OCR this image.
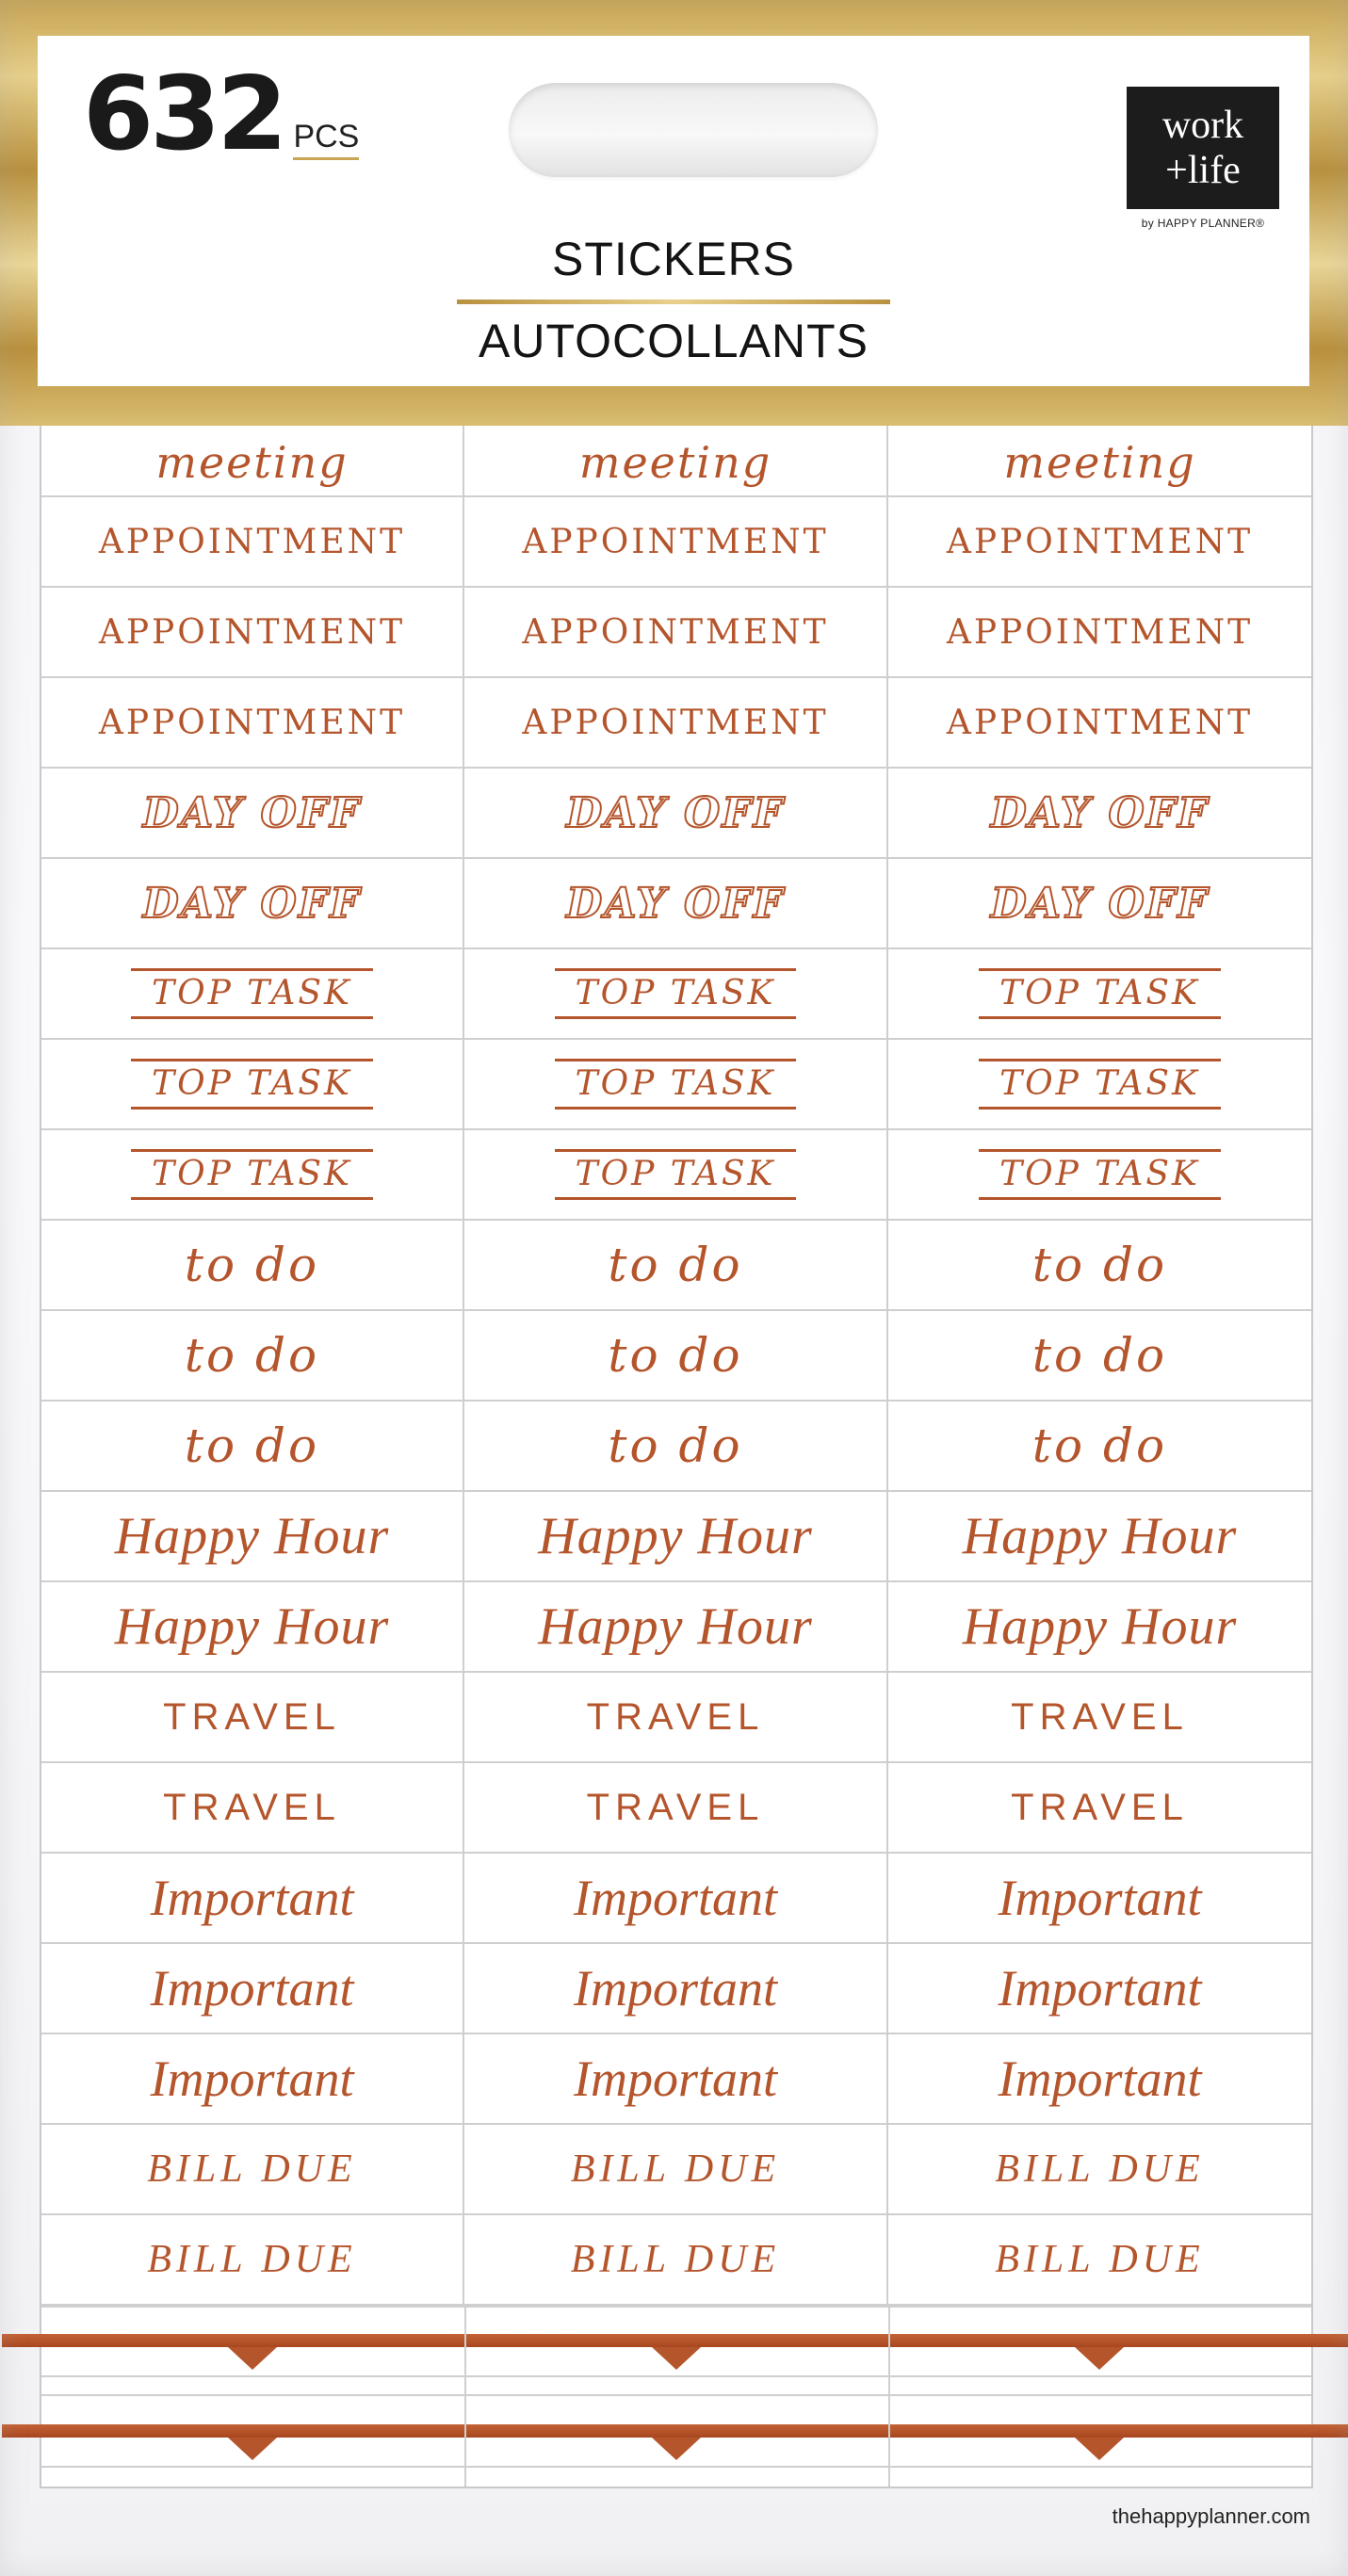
632 PCS	work
+life
by HAPPY PLANNER®
STICKERS
AUTOCOLLANTS
meeting	meeting	meeting
APPOINTMENT	APPOINTMENT	APPOINTMENT
APPOINTMENT	APPOINTMENT	APPOINTMENT
APPOINTMENT	APPOINTMENT	APPOINTMENT
DAY OFF	DAY OFF	DAY OFF
DAY OFF	DAY OFF	DAY OFF
TOP TASK	TOP TASK	TOP TASK
TOP TASK	TOP TASK	TOP TASK
TOP TASK	TOP TASK	TOP TASK
to do	to do	to do
to do	to do	to do
to do	to do	to do
Happy Hour	Happy Hour	Happy Hour
Happy Hour	Happy Hour	Happy Hour
TRAVEL	TRAVEL	TRAVEL
TRAVEL	TRAVEL	TRAVEL
Important	Important	Important
Important	Important	Important
Important	Important	Important
BILL DUE	BILL DUE	BILL DUE
BILL DUE	BILL DUE	BILL DUE
thehappyplanner.com
